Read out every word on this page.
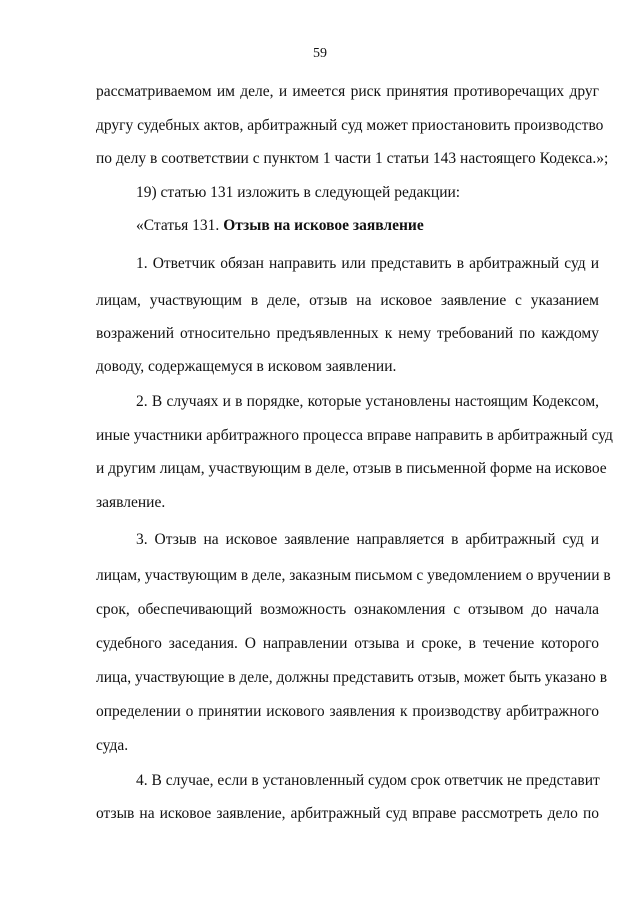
59
рассматриваемом им деле, и имеется риск принятия противоречащих друг
другу судебных актов, арбитражный суд может приостановить производство
по делу в соответствии с пунктом 1 части 1 статьи 143 настоящего Кодекса.»;
19) статью 131 изложить в следующей редакции:
«Статья 131. Отзыв на исковое заявление
1. Ответчик обязан направить или представить в арбитражный суд и
лицам, участвующим в деле, отзыв на исковое заявление с указанием
возражений относительно предъявленных к нему требований по каждому
доводу, содержащемуся в исковом заявлении.
2. В случаях и в порядке, которые установлены настоящим Кодексом,
иные участники арбитражного процесса вправе направить в арбитражный суд
и другим лицам, участвующим в деле, отзыв в письменной форме на исковое
заявление.
3. Отзыв на исковое заявление направляется в арбитражный суд и
лицам, участвующим в деле, заказным письмом с уведомлением о вручении в
срок, обеспечивающий возможность ознакомления с отзывом до начала
судебного заседания. О направлении отзыва и сроке, в течение которого
лица, участвующие в деле, должны представить отзыв, может быть указано в
определении о принятии искового заявления к производству арбитражного
суда.
4. В случае, если в установленный судом срок ответчик не представит
отзыв на исковое заявление, арбитражный суд вправе рассмотреть дело по
